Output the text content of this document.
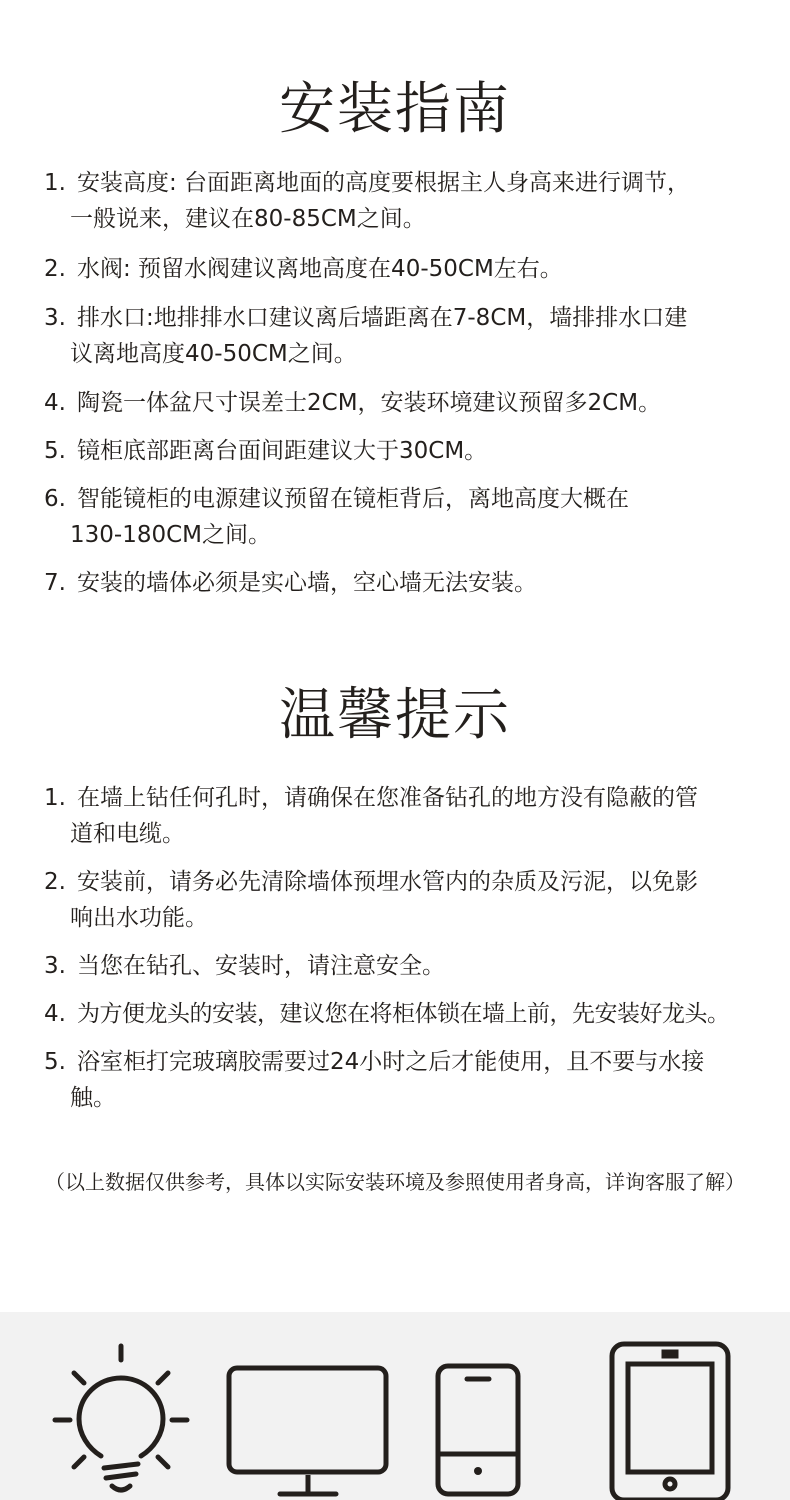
安装指南
1. 安装高度: 台面距离地面的高度要根据主人身高来进行调节，
一般说来，建议在80-85CM之间。
2. 水阀: 预留水阀建议离地高度在40-50CM左右。
3. 排水口:地排排水口建议离后墙距离在7-8CM，墙排排水口建
议离地高度40-50CM之间。
4. 陶瓷一体盆尺寸误差士2CM，安装环境建议预留多2CM。
5. 镜柜底部距离台面间距建议大于30CM。
6. 智能镜柜的电源建议预留在镜柜背后，离地高度大概在
130-180CM之间。
7. 安装的墙体必须是实心墙，空心墙无法安装。
温馨提示
1. 在墙上钻任何孔时，请确保在您准备钻孔的地方没有隐蔽的管
道和电缆。
2. 安装前，请务必先清除墙体预埋水管内的杂质及污泥，以免影
响出水功能。
3. 当您在钻孔、安装时，请注意安全。
4. 为方便龙头的安装，建议您在将柜体锁在墙上前，先安装好龙头。
5. 浴室柜打完玻璃胶需要过24小时之后才能使用，且不要与水接
触。
（以上数据仅供参考，具体以实际安装环境及参照使用者身高，详询客服了解）
